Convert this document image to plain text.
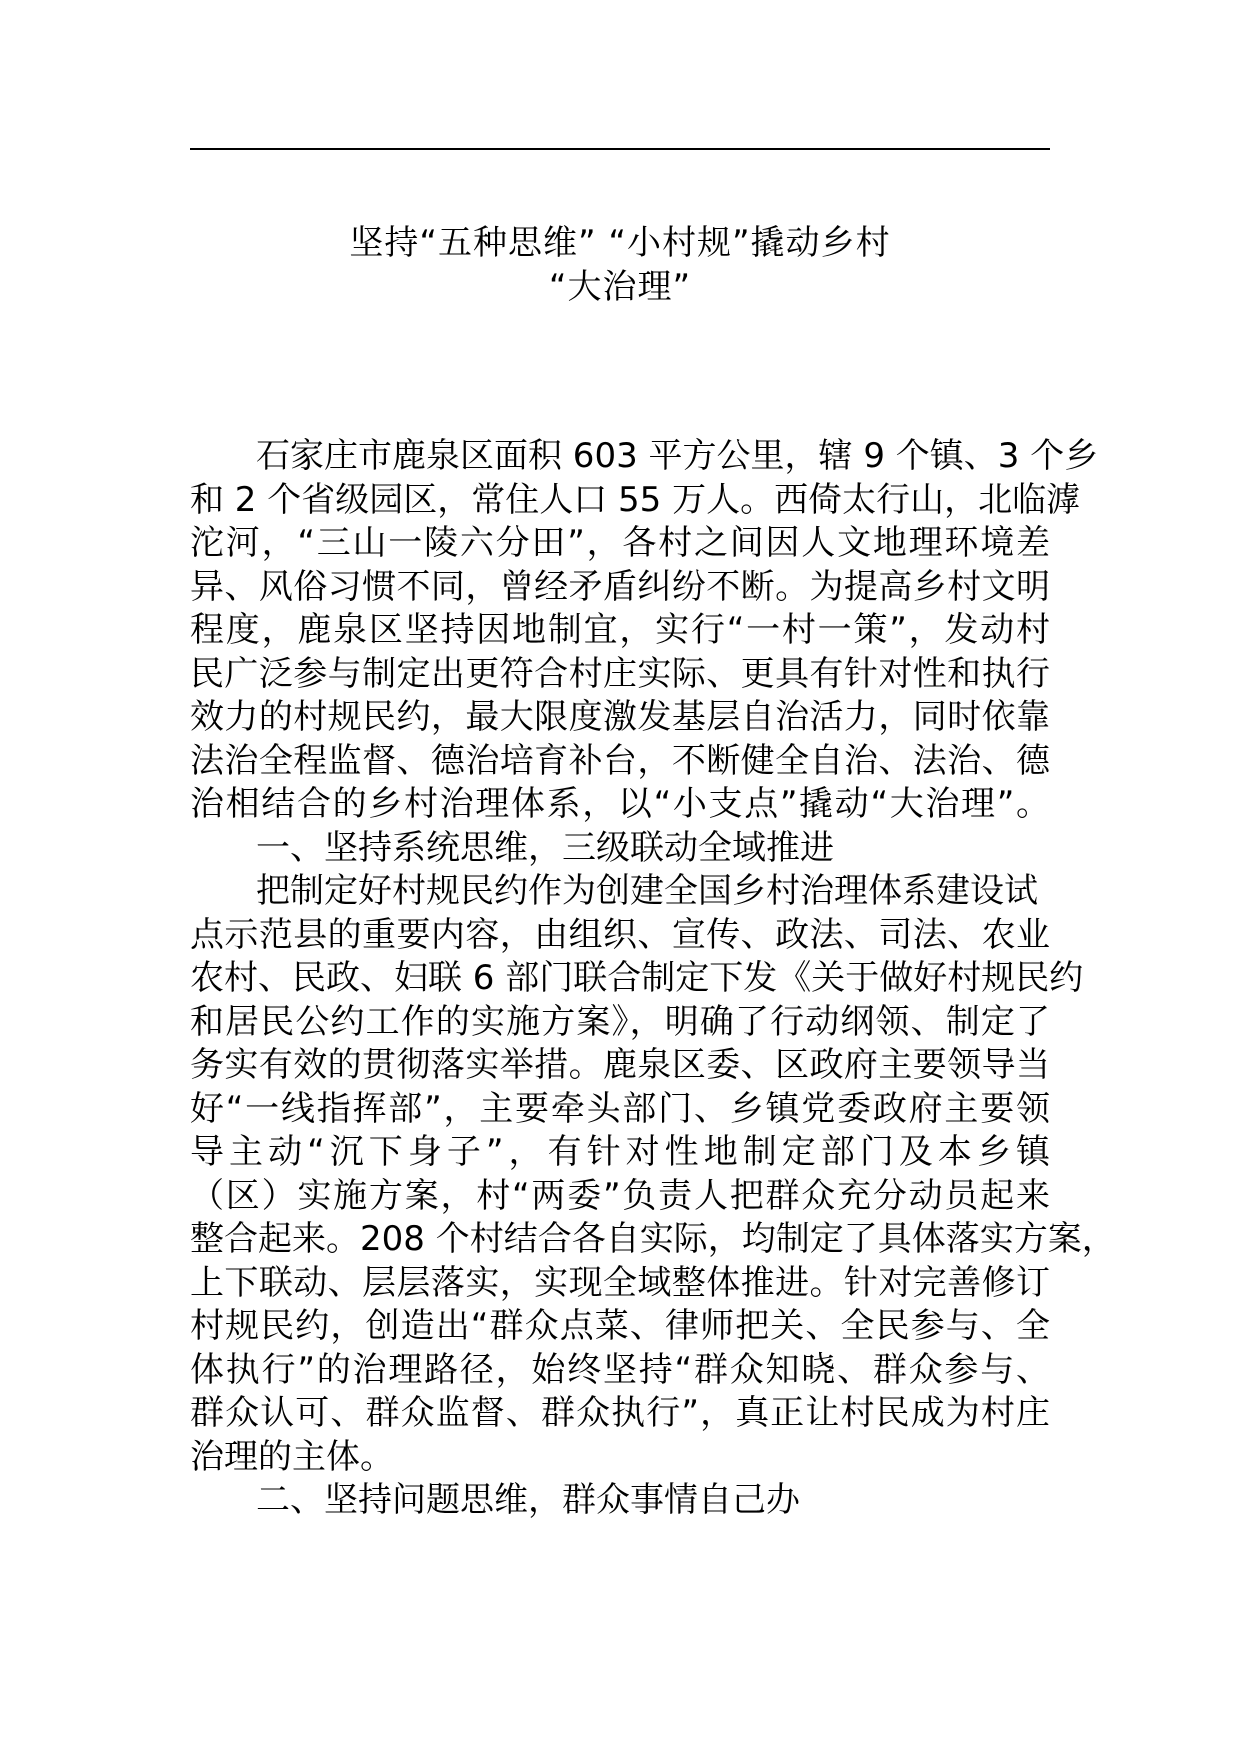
坚持“五种思维” “小村规”撬动乡村
“大治理”
石家庄市鹿泉区面积 603 平方公里，辖 9 个镇、3 个乡
和 2 个省级园区，常住人口 55 万人。西倚太行山，北临滹
沱河，“三山一陵六分田”，各村之间因人文地理环境差
异、风俗习惯不同，曾经矛盾纠纷不断。为提高乡村文明
程度，鹿泉区坚持因地制宜，实行“一村一策”，发动村
民广泛参与制定出更符合村庄实际、更具有针对性和执行
效力的村规民约，最大限度激发基层自治活力，同时依靠
法治全程监督、德治培育补台，不断健全自治、法治、德
治相结合的乡村治理体系，以“小支点”撬动“大治理”。
一、坚持系统思维，三级联动全域推进
把制定好村规民约作为创建全国乡村治理体系建设试
点示范县的重要内容，由组织、宣传、政法、司法、农业
农村、民政、妇联 6 部门联合制定下发《关于做好村规民约
和居民公约工作的实施方案》，明确了行动纲领、制定了
务实有效的贯彻落实举措。鹿泉区委、区政府主要领导当
好“一线指挥部”，主要牵头部门、乡镇党委政府主要领
导主动“沉下身子”，有针对性地制定部门及本乡镇
（区）实施方案，村“两委”负责人把群众充分动员起来
整合起来。208 个村结合各自实际，均制定了具体落实方案，
上下联动、层层落实，实现全域整体推进。针对完善修订
村规民约，创造出“群众点菜、律师把关、全民参与、全
体执行”的治理路径，始终坚持“群众知晓、群众参与、
群众认可、群众监督、群众执行”，真正让村民成为村庄
治理的主体。
二、坚持问题思维，群众事情自己办
